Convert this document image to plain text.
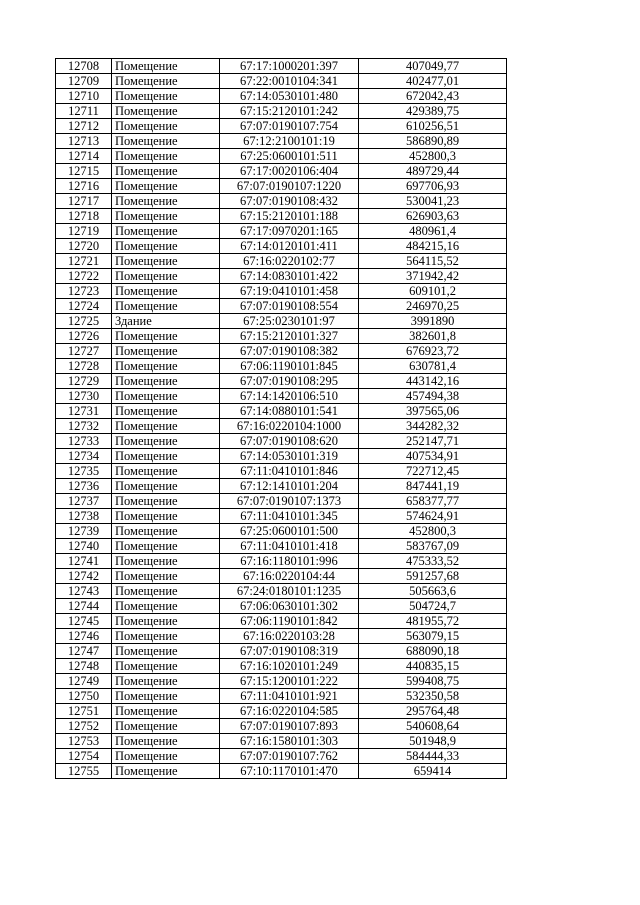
12708	Помещение	67:17:1000201:397	407049,77
12709	Помещение	67:22:0010104:341	402477,01
12710	Помещение	67:14:0530101:480	672042,43
12711	Помещение	67:15:2120101:242	429389,75
12712	Помещение	67:07:0190107:754	610256,51
12713	Помещение	67:12:2100101:19	586890,89
12714	Помещение	67:25:0600101:511	452800,3
12715	Помещение	67:17:0020106:404	489729,44
12716	Помещение	67:07:0190107:1220	697706,93
12717	Помещение	67:07:0190108:432	530041,23
12718	Помещение	67:15:2120101:188	626903,63
12719	Помещение	67:17:0970201:165	480961,4
12720	Помещение	67:14:0120101:411	484215,16
12721	Помещение	67:16:0220102:77	564115,52
12722	Помещение	67:14:0830101:422	371942,42
12723	Помещение	67:19:0410101:458	609101,2
12724	Помещение	67:07:0190108:554	246970,25
12725	Здание	67:25:0230101:97	3991890
12726	Помещение	67:15:2120101:327	382601,8
12727	Помещение	67:07:0190108:382	676923,72
12728	Помещение	67:06:1190101:845	630781,4
12729	Помещение	67:07:0190108:295	443142,16
12730	Помещение	67:14:1420106:510	457494,38
12731	Помещение	67:14:0880101:541	397565,06
12732	Помещение	67:16:0220104:1000	344282,32
12733	Помещение	67:07:0190108:620	252147,71
12734	Помещение	67:14:0530101:319	407534,91
12735	Помещение	67:11:0410101:846	722712,45
12736	Помещение	67:12:1410101:204	847441,19
12737	Помещение	67:07:0190107:1373	658377,77
12738	Помещение	67:11:0410101:345	574624,91
12739	Помещение	67:25:0600101:500	452800,3
12740	Помещение	67:11:0410101:418	583767,09
12741	Помещение	67:16:1180101:996	475333,52
12742	Помещение	67:16:0220104:44	591257,68
12743	Помещение	67:24:0180101:1235	505663,6
12744	Помещение	67:06:0630101:302	504724,7
12745	Помещение	67:06:1190101:842	481955,72
12746	Помещение	67:16:0220103:28	563079,15
12747	Помещение	67:07:0190108:319	688090,18
12748	Помещение	67:16:1020101:249	440835,15
12749	Помещение	67:15:1200101:222	599408,75
12750	Помещение	67:11:0410101:921	532350,58
12751	Помещение	67:16:0220104:585	295764,48
12752	Помещение	67:07:0190107:893	540608,64
12753	Помещение	67:16:1580101:303	501948,9
12754	Помещение	67:07:0190107:762	584444,33
12755	Помещение	67:10:1170101:470	659414
